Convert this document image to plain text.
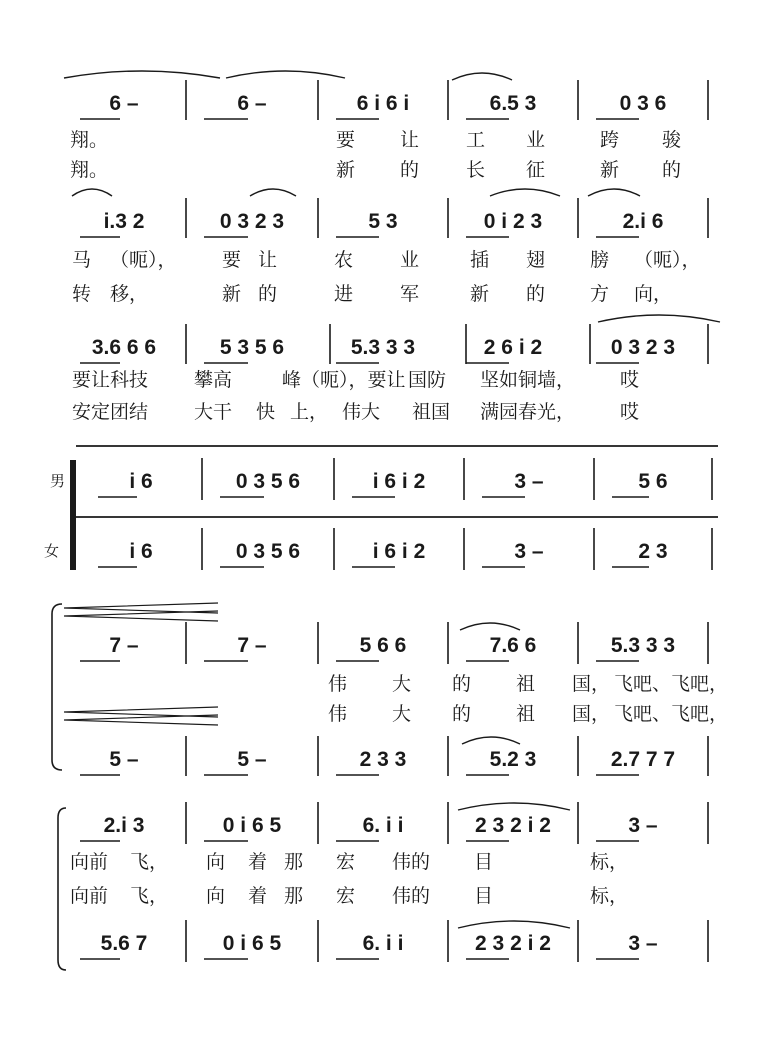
6 –	6 –	6 i 6 i	6.5 3	0 3 6
翔。	要 让 工 业	跨 骏
翔。	新 的 长 征	新 的
i.3 2	0 3 2 3	5 3	0 i 2 3	2.i 6
马 （呃）， 要 让	农 业	插 翅 膀 （呃），
转 移，	新 的	进 军	新 的 方 向，
3.6 6 6	5 3 5 6	5.3 3 3	2 6 i 2	0 3 2 3
要让科技 攀高	峰（呃），要让 国防 坚如铜墙， 哎
安定团结 大干 快 上， 伟大 祖国 满园春光， 哎
男
女
i 6	0 3 5 6	i 6 i 2	3 –	5 6
i 6	0 3 5 6	i 6 i 2	3 –	2 3
7 –	7 –	5 6 6	7.6 6	5.3 3 3
伟 大 的 祖 国， 飞吧、飞吧，
伟 大 的 祖 国， 飞吧、飞吧，
5 –	5 –	2 3 3	5.2 3	2.7 7 7
2.i 3	0 i 6 5	6. i i	2 3 2 i 2	3 –
向前 飞， 向 着 那 宏 伟的 目	标，
向前 飞， 向 着 那 宏 伟的 目	标，
5.6 7	0 i 6 5	6. i i	2 3 2 i 2	3 –
